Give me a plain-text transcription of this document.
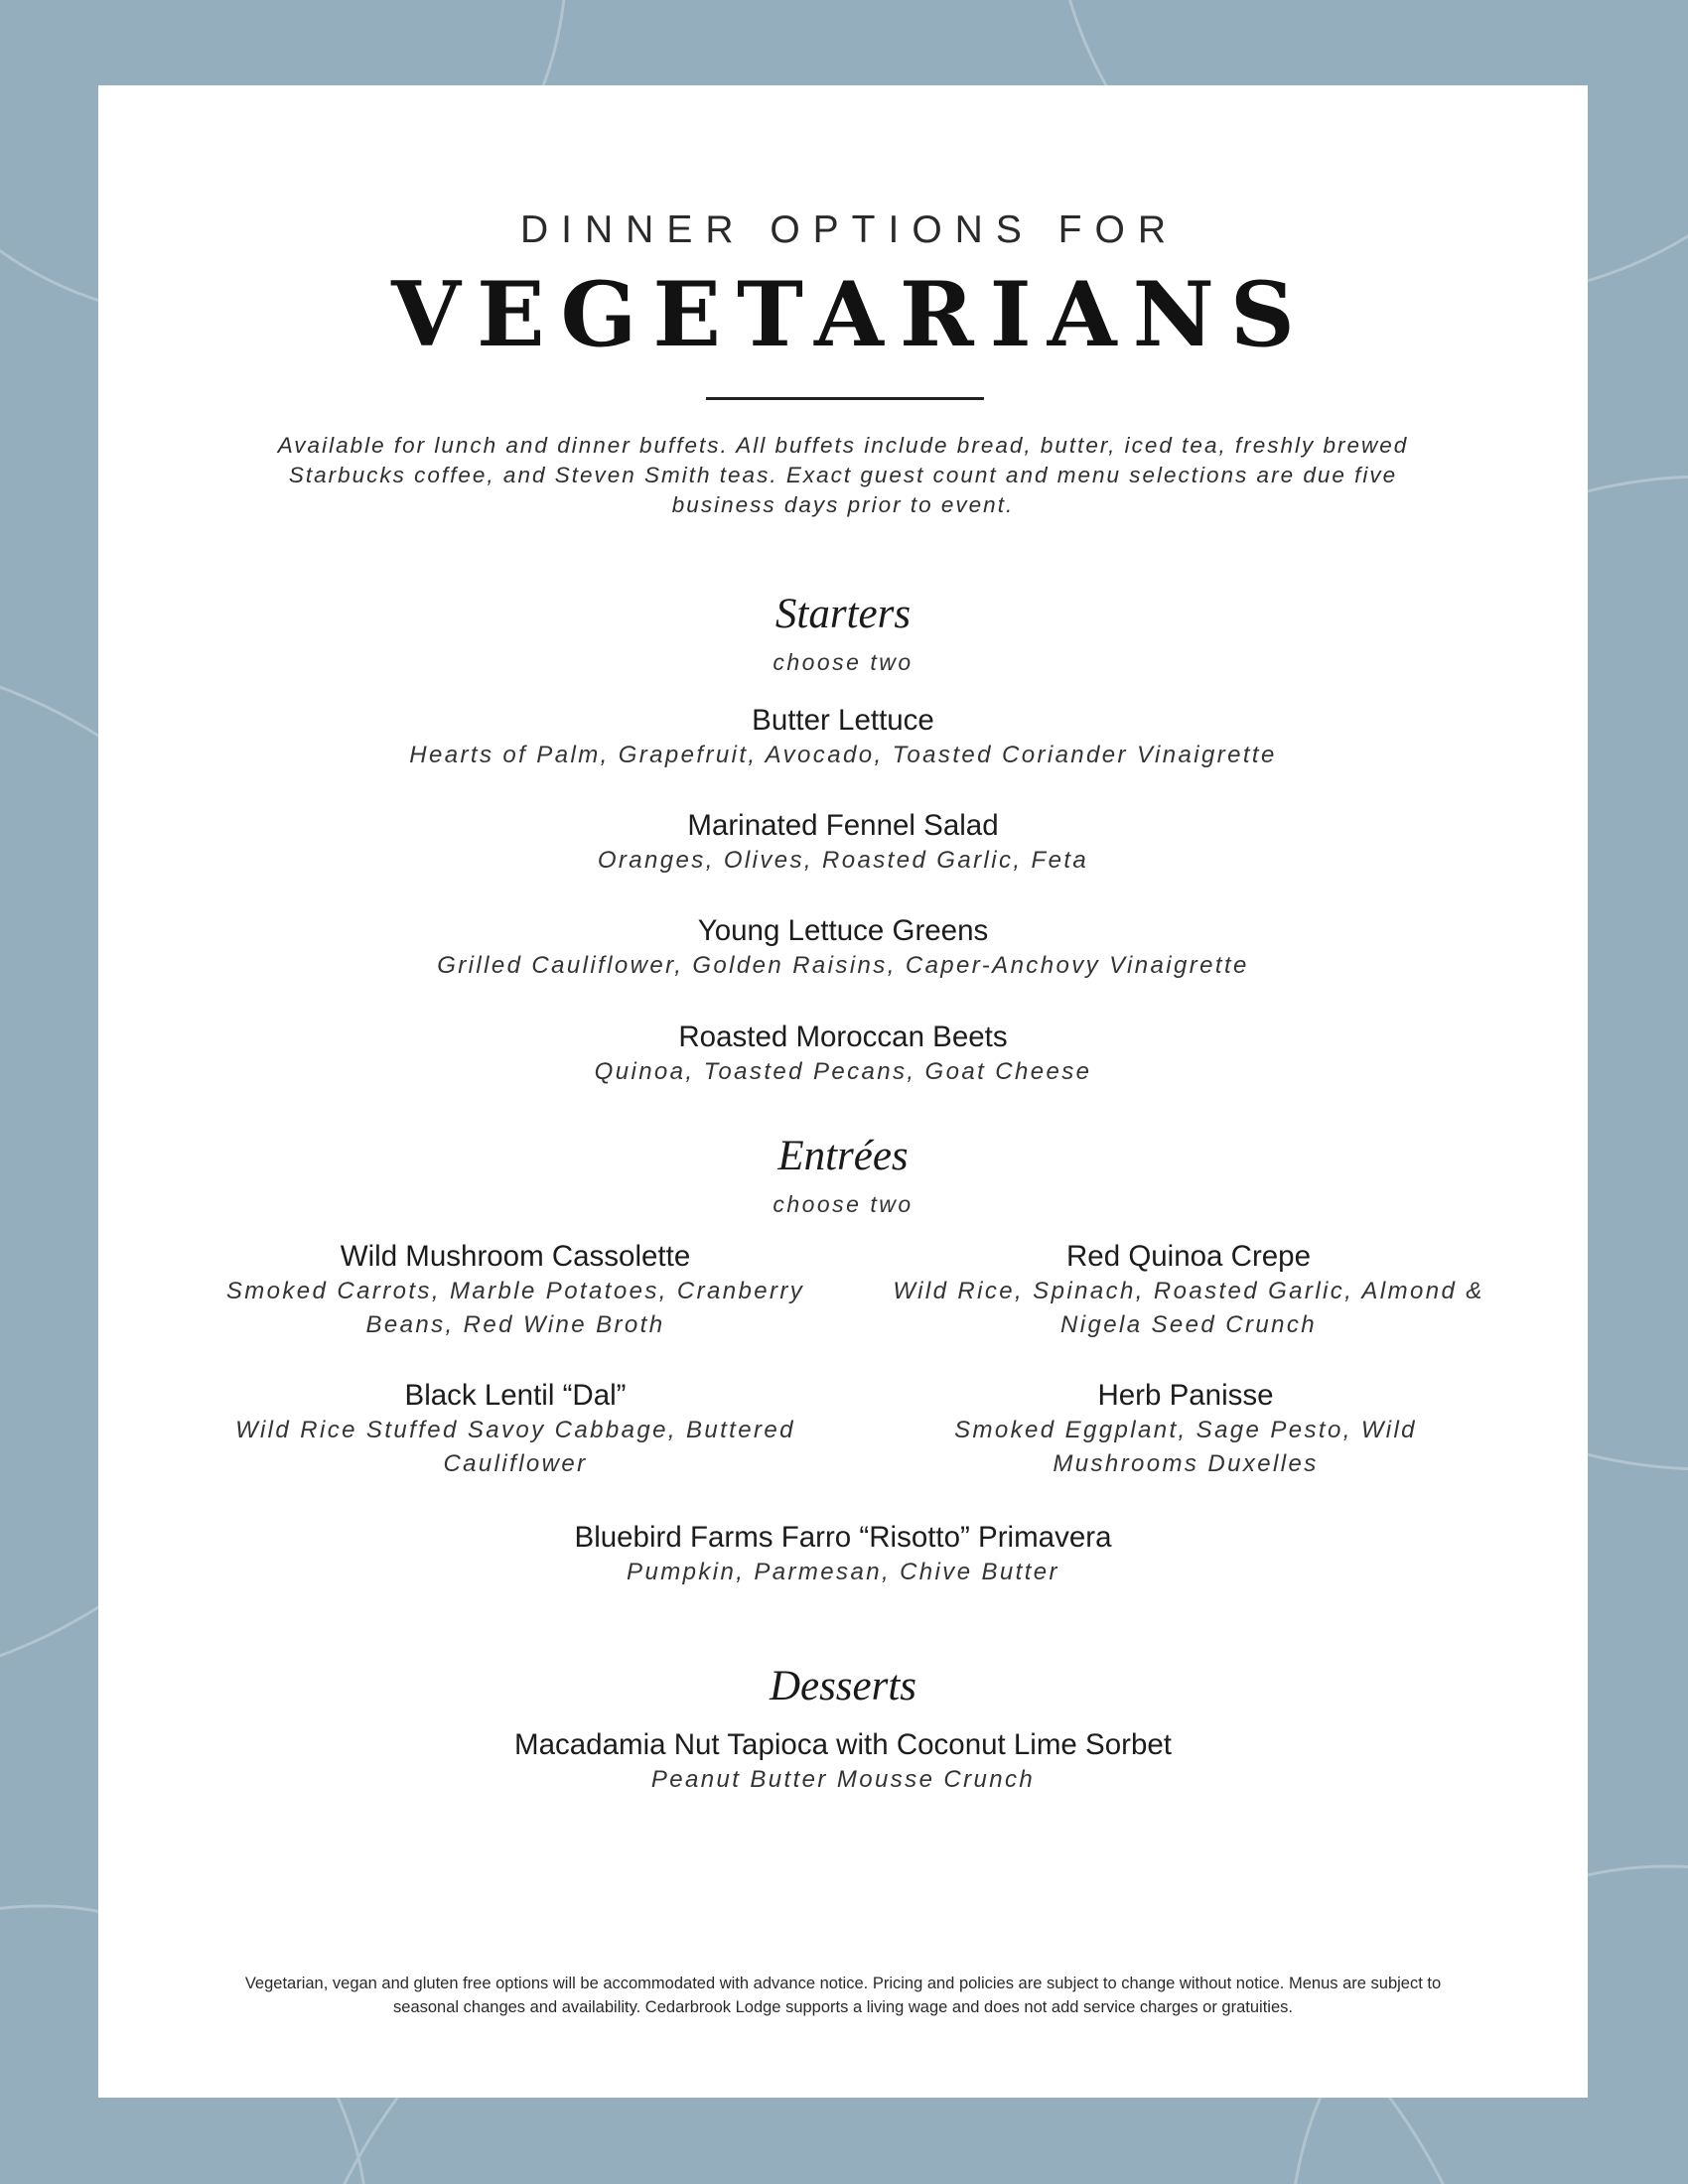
DINNER OPTIONS FOR

VEGETARIANS

Available for lunch and dinner buffets. All buffets include bread, butter, iced tea, freshly brewed Starbucks coffee, and Steven Smith teas. Exact guest count and menu selections are due five business days prior to event.

Starters
choose two
Butter Lettuce
Hearts of Palm, Grapefruit, Avocado, Toasted Coriander Vinaigrette
Marinated Fennel Salad
Oranges, Olives, Roasted Garlic, Feta
Young Lettuce Greens
Grilled Cauliflower, Golden Raisins, Caper-Anchovy Vinaigrette
Roasted Moroccan Beets
Quinoa, Toasted Pecans, Goat Cheese
Entrées
choose two
Wild Mushroom Cassolette
Smoked Carrots, Marble Potatoes, Cranberry Beans, Red Wine Broth
Red Quinoa Crepe
Wild Rice, Spinach, Roasted Garlic, Almond & Nigela Seed Crunch
Black Lentil “Dal”
Wild Rice Stuffed Savoy Cabbage, Buttered Cauliflower
Herb Panisse
Smoked Eggplant, Sage Pesto, Wild Mushrooms Duxelles
Bluebird Farms Farro “Risotto” Primavera
Pumpkin, Parmesan, Chive Butter
Desserts
Macadamia Nut Tapioca with Coconut Lime Sorbet
Peanut Butter Mousse Crunch

Vegetarian, vegan and gluten free options will be accommodated with advance notice. Pricing and policies are subject to change without notice. Menus are subject to seasonal changes and availability. Cedarbrook Lodge supports a living wage and does not add service charges or gratuities.
